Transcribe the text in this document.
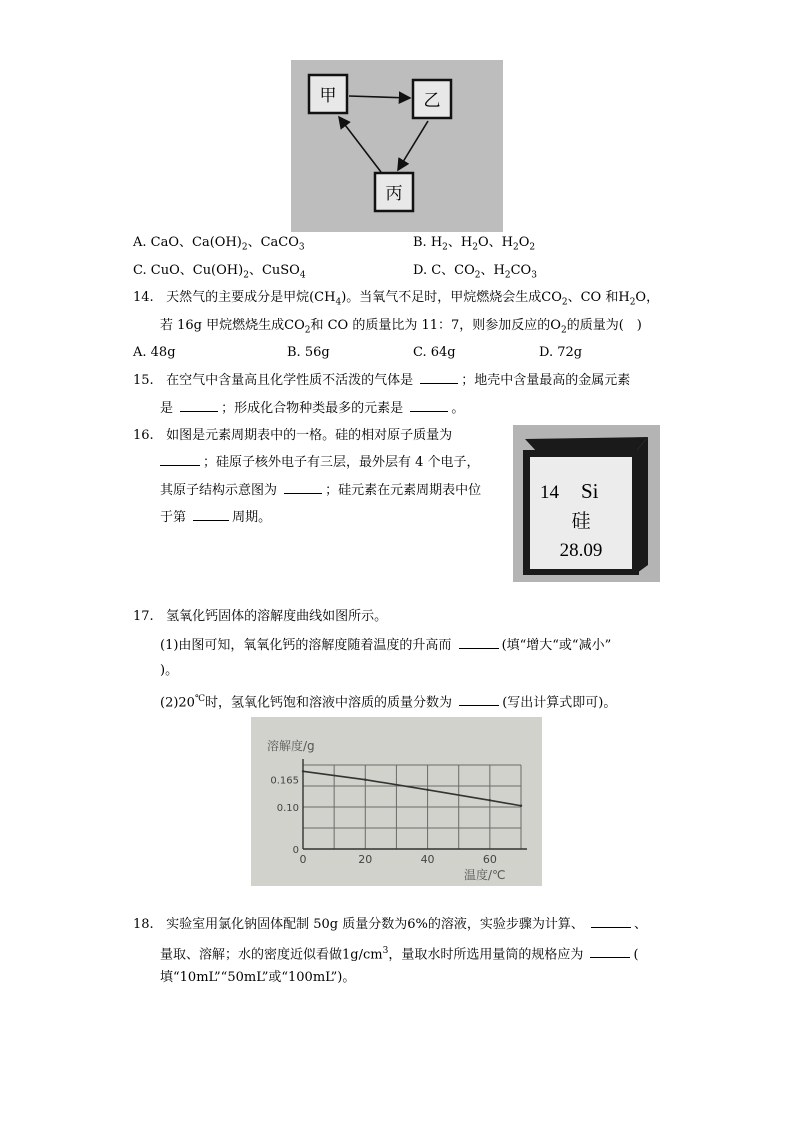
甲	乙
丙
A. CaO、$Ca(OH)_2$、CaCO$_3$	B. $H_2$、$H_2O$、$H_2O_2$
C. CuO、$Cu(OH)_2$、CuSO$_4$	D. C、$CO_2$、$H_2CO_3$
14. 天然气的主要成分是甲烷$(CH_4)$。当氧气不足时，甲烷燃烧会生成$CO_2$、CO 和$H_2O$，
若 16g 甲烷燃烧生成$CO_2$和 CO 的质量比为 11：7，则参加反应的$O_2$的质量为(　)
A. 48g	B. 56g	C. 64g	D. 72g
15. 在空气中含量高且化学性质不活泼的气体是	；地壳中含量最高的金属元素
是	；形成化合物种类最多的元素是	。
16. 如图是元素周期表中的一格。硅的相对原子质量为
；硅原子核外电子有三层，最外层有 4 个电子，
其原子结构示意图为	；硅元素在元素周期表中位
于第	周期。
14 Si
硅
28.09
17. 氢氧化钙固体的溶解度曲线如图所示。
(1)由图可知，氧氧化钙的溶解度随着温度的升高而	(填“增大“或“减小”
)。
(2)20℃时，氢氧化钙饱和溶液中溶质的质量分数为	(写出计算式即可)。
溶解度/g
温度/℃
0	20	40	60
0.165
0.10
0
18. 实验室用氯化钠固体配制 50g 质量分数为6%的溶液，实验步骤为计算、	、
量取、溶解；水的密度近似看做$1g/cm^3$，量取水时所选用量筒的规格应为	(
填“10mL”“50mL”或“100mL”)。
